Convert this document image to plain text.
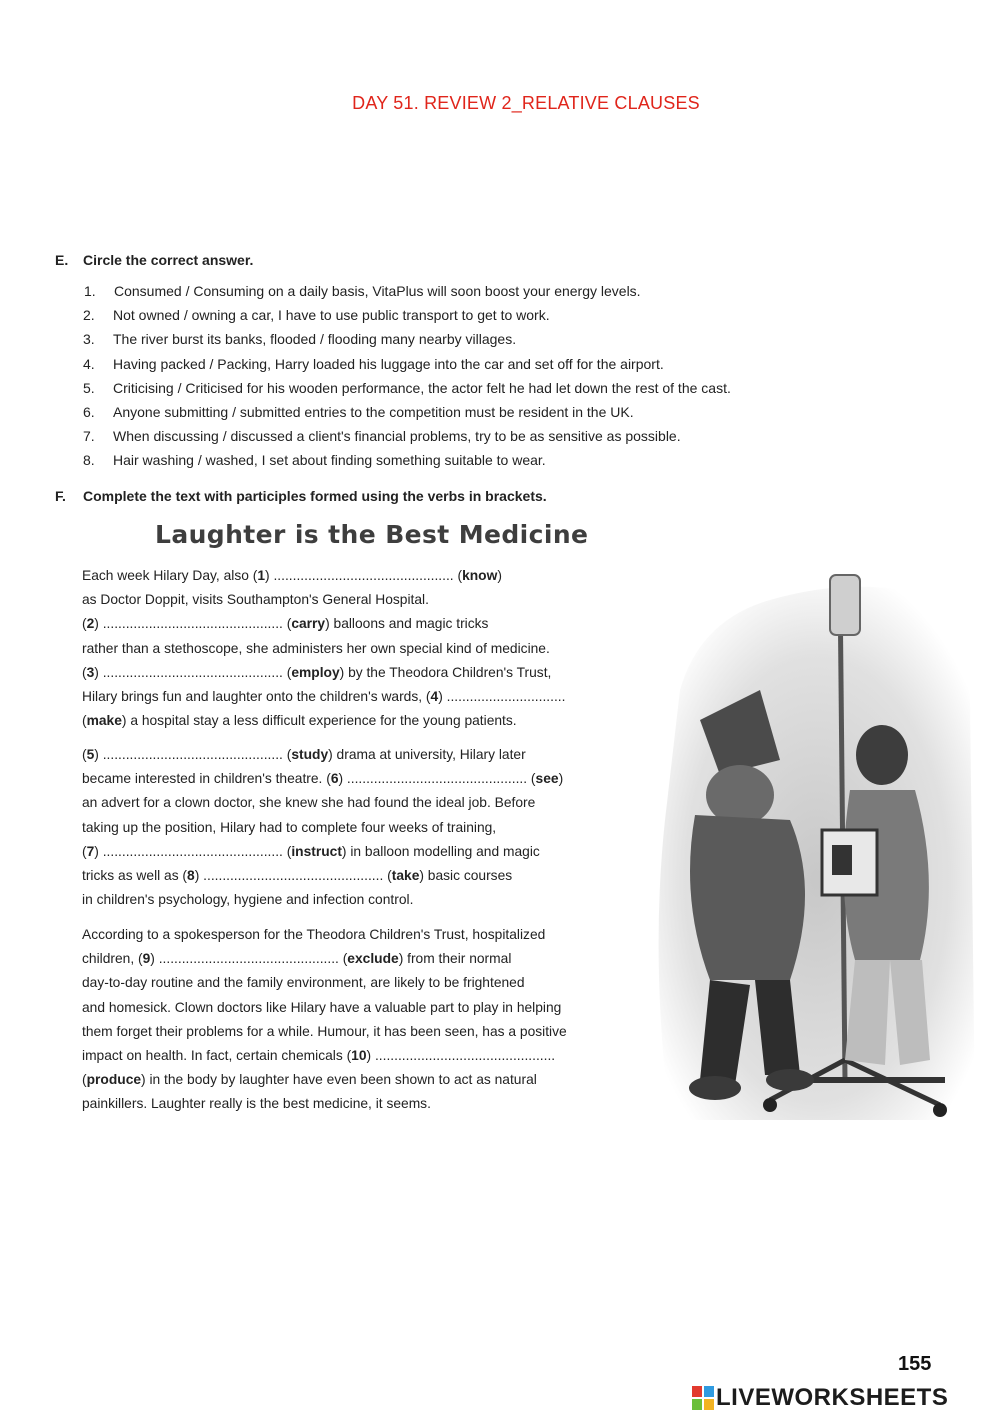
DAY 51. REVIEW 2_RELATIVE CLAUSES
E. Circle the correct answer.
1. Consumed / Consuming on a daily basis, VitaPlus will soon boost your energy levels.
2. Not owned / owning a car, I have to use public transport to get to work.
3. The river burst its banks, flooded / flooding many nearby villages.
4. Having packed / Packing, Harry loaded his luggage into the car and set off for the airport.
5. Criticising / Criticised for his wooden performance, the actor felt he had let down the rest of the cast.
6. Anyone submitting / submitted entries to the competition must be resident in the UK.
7. When discussing / discussed a client's financial problems, try to be as sensitive as possible.
8. Hair washing / washed, I set about finding something suitable to wear.
F. Complete the text with participles formed using the verbs in brackets.
Laughter is the Best Medicine
Each week Hilary Day, also (1) ............................................... (know)
as Doctor Doppit, visits Southampton's General Hospital.
(2) ............................................... (carry) balloons and magic tricks
rather than a stethoscope, she administers her own special kind of medicine.
(3) ............................................... (employ) by the Theodora Children's Trust,
Hilary brings fun and laughter onto the children's wards, (4) ...............................
(make) a hospital stay a less difficult experience for the young patients.
(5) ............................................... (study) drama at university, Hilary later
became interested in children's theatre. (6) ............................................... (see)
an advert for a clown doctor, she knew she had found the ideal job. Before
taking up the position, Hilary had to complete four weeks of training,
(7) ............................................... (instruct) in balloon modelling and magic
tricks as well as (8) ............................................... (take) basic courses
in children's psychology, hygiene and infection control.
According to a spokesperson for the Theodora Children's Trust, hospitalized
children, (9) ............................................... (exclude) from their normal
day-to-day routine and the family environment, are likely to be frightened
and homesick. Clown doctors like Hilary have a valuable part to play in helping
them forget their problems for a while. Humour, it has been seen, has a positive
impact on health. In fact, certain chemicals (10) ...............................................
(produce) in the body by laughter have even been shown to act as natural
painkillers. Laughter really is the best medicine, it seems.
155
LIVEWORKSHEETS
